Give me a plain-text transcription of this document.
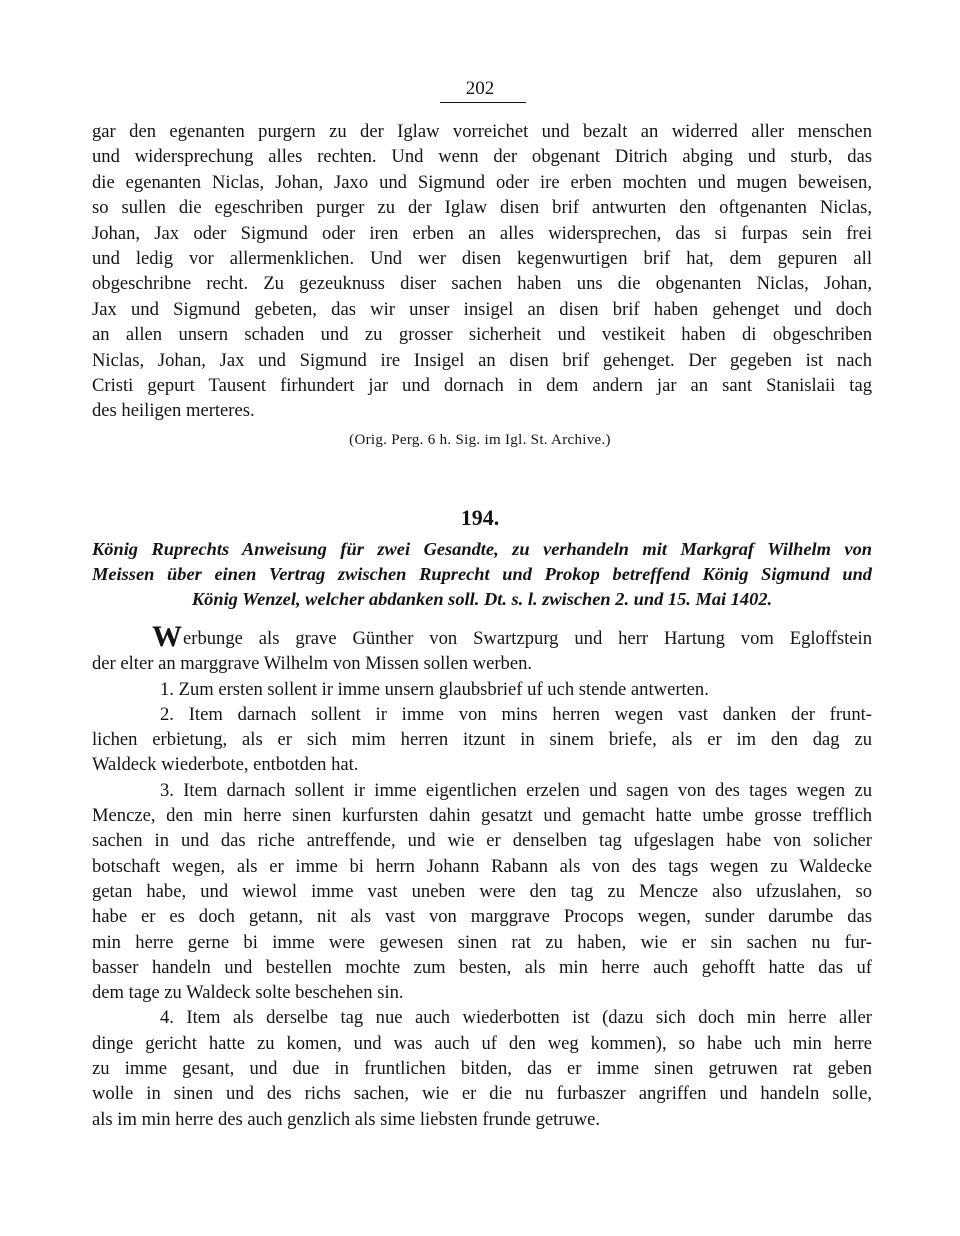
202
gar den egenanten purgern zu der Iglaw vorreichet und bezalt an widerred aller menschen
und widersprechung alles rechten. Und wenn der obgenant Ditrich abging und sturb, das
die egenanten Niclas, Johan, Jaxo und Sigmund oder ire erben mochten und mugen beweisen,
so sullen die egeschriben purger zu der Iglaw disen brif antwurten den oftgenanten Niclas,
Johan, Jax oder Sigmund oder iren erben an alles widersprechen, das si furpas sein frei
und ledig vor allermenklichen. Und wer disen kegenwurtigen brif hat, dem gepuren all
obgeschribne recht. Zu gezeuknuss diser sachen haben uns die obgenanten Niclas, Johan,
Jax und Sigmund gebeten, das wir unser insigel an disen brif haben gehenget und doch
an allen unsern schaden und zu grosser sicherheit und vestikeit haben di obgeschriben
Niclas, Johan, Jax und Sigmund ire Insigel an disen brif gehenget. Der gegeben ist nach
Cristi gepurt Tausent firhundert jar und dornach in dem andern jar an sant Stanislaii tag
des heiligen merteres.
(Orig. Perg. 6 h. Sig. im Igl. St. Archive.)
194.
König Ruprechts Anweisung für zwei Gesandte, zu verhandeln mit Markgraf Wilhelm von
Meissen über einen Vertrag zwischen Ruprecht und Prokop betreffend König Sigmund und
König Wenzel, welcher abdanken soll. Dt. s. l. zwischen 2. und 15. Mai 1402.
Werbunge als grave Günther von Swartzpurg und herr Hartung vom Egloffstein
der elter an marggrave Wilhelm von Missen sollen werben.
1. Zum ersten sollent ir imme unsern glaubsbrief uf uch stende antwerten.
2. Item darnach sollent ir imme von mins herren wegen vast danken der frunt-
lichen erbietung, als er sich mim herren itzunt in sinem briefe, als er im den dag zu
Waldeck wiederbote, entbotden hat.
3. Item darnach sollent ir imme eigentlichen erzelen und sagen von des tages wegen zu
Mencze, den min herre sinen kurfursten dahin gesatzt und gemacht hatte umbe grosse trefflich
sachen in und das riche antreffende, und wie er denselben tag ufgeslagen habe von solicher
botschaft wegen, als er imme bi herrn Johann Rabann als von des tags wegen zu Waldecke
getan habe, und wiewol imme vast uneben were den tag zu Mencze also ufzuslahen, so
habe er es doch getann, nit als vast von marggrave Procops wegen, sunder darumbe das
min herre gerne bi imme were gewesen sinen rat zu haben, wie er sin sachen nu fur-
basser handeln und bestellen mochte zum besten, als min herre auch gehofft hatte das uf
dem tage zu Waldeck solte beschehen sin.
4. Item als derselbe tag nue auch wiederbotten ist (dazu sich doch min herre aller
dinge gericht hatte zu komen, und was auch uf den weg kommen), so habe uch min herre
zu imme gesant, und due in fruntlichen bitden, das er imme sinen getruwen rat geben
wolle in sinen und des richs sachen, wie er die nu furbaszer angriffen und handeln solle,
als im min herre des auch genzlich als sime liebsten frunde getruwe.
